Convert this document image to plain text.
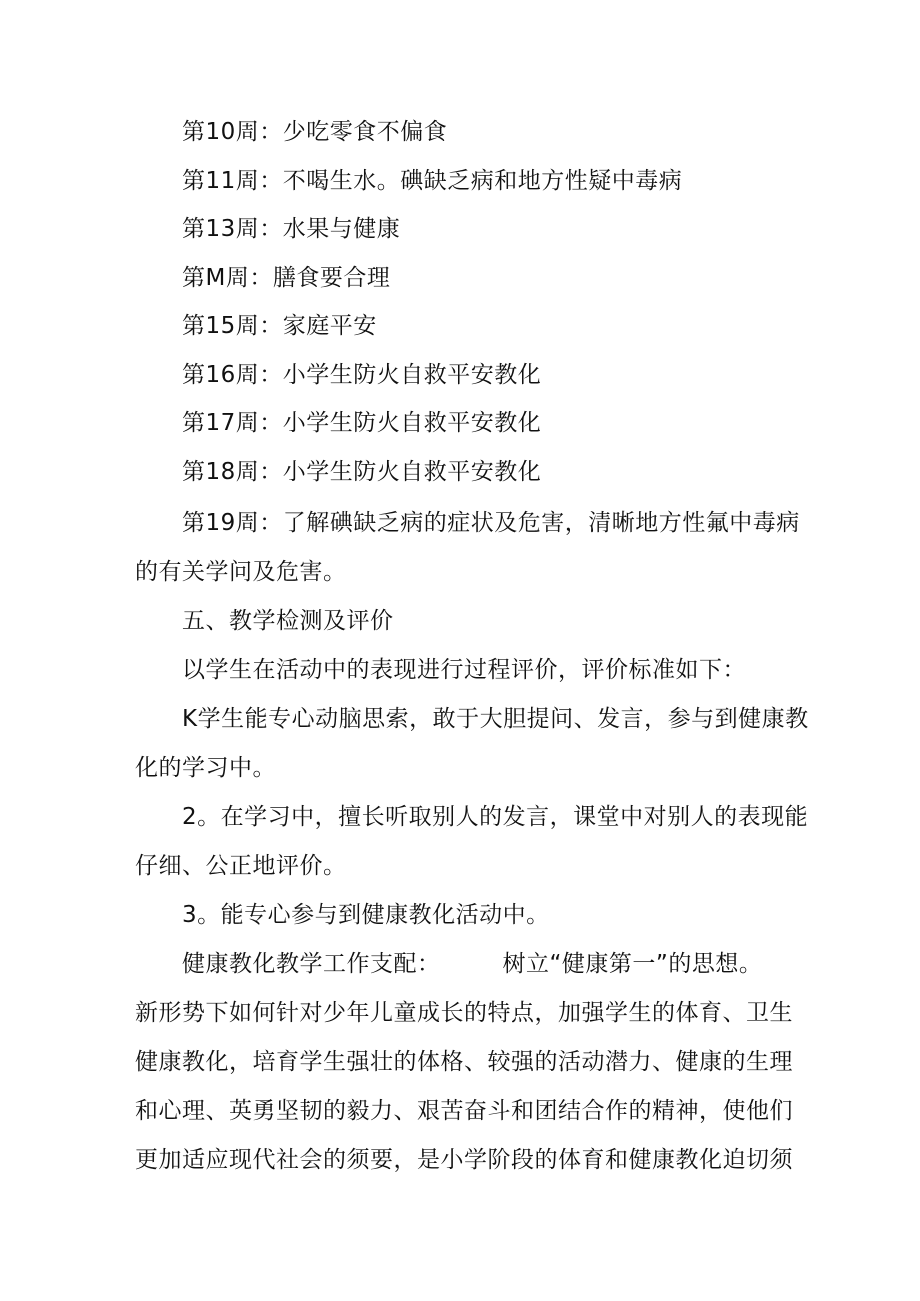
第10周：少吃零食不偏食
第11周：不喝生水。碘缺乏病和地方性疑中毒病
第13周：水果与健康
第M周：膳食要合理
第15周：家庭平安
第16周：小学生防火自救平安教化
第17周：小学生防火自救平安教化
第18周：小学生防火自救平安教化
第19周：了解碘缺乏病的症状及危害，清晰地方性氟中毒病
的有关学问及危害。
五、教学检测及评价
以学生在活动中的表现进行过程评价，评价标准如下：
K学生能专心动脑思索，敢于大胆提问、发言，参与到健康教
化的学习中。
2。在学习中，擅长听取别人的发言，课堂中对别人的表现能
仔细、公正地评价。
3。能专心参与到健康教化活动中。
健康教化教学工作支配：	树立“健康第一”的思想。
新形势下如何针对少年儿童成长的特点，加强学生的体育、卫生
健康教化，培育学生强壮的体格、较强的活动潜力、健康的生理
和心理、英勇坚韧的毅力、艰苦奋斗和团结合作的精神，使他们
更加适应现代社会的须要，是小学阶段的体育和健康教化迫切须
